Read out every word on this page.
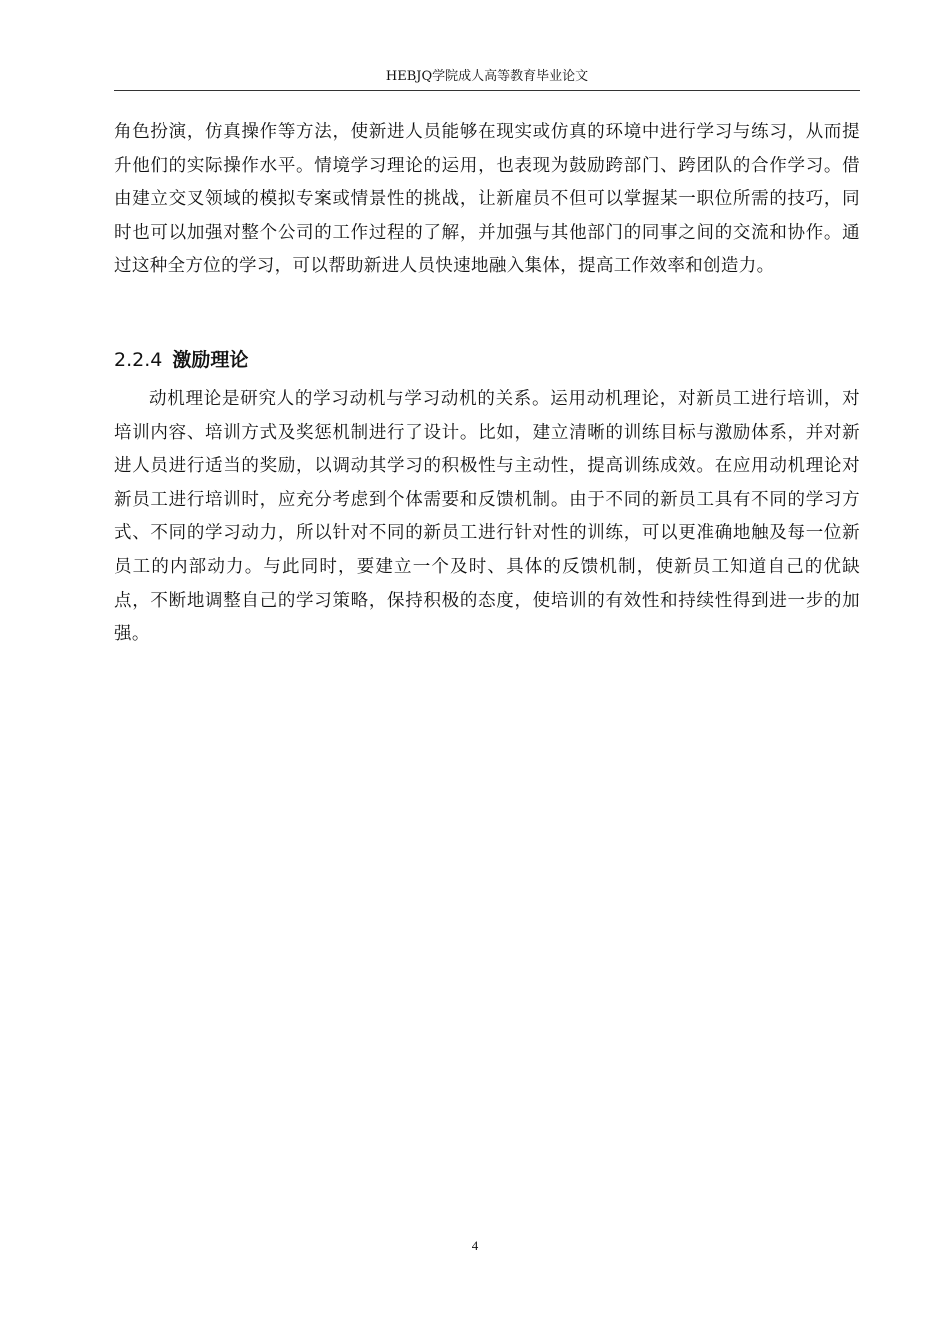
HEBJQ学院成人高等教育毕业论文

角色扮演，仿真操作等方法，使新进人员能够在现实或仿真的环境中进行学习与练习，从而提升他们的实际操作水平。情境学习理论的运用，也表现为鼓励跨部门、跨团队的合作学习。借由建立交叉领域的模拟专案或情景性的挑战，让新雇员不但可以掌握某一职位所需的技巧，同时也可以加强对整个公司的工作过程的了解，并加强与其他部门的同事之间的交流和协作。通过这种全方位的学习，可以帮助新进人员快速地融入集体，提高工作效率和创造力。

2.2.4 激励理论

动机理论是研究人的学习动机与学习动机的关系。运用动机理论，对新员工进行培训，对培训内容、培训方式及奖惩机制进行了设计。比如，建立清晰的训练目标与激励体系，并对新进人员进行适当的奖励，以调动其学习的积极性与主动性，提高训练成效。在应用动机理论对新员工进行培训时，应充分考虑到个体需要和反馈机制。由于不同的新员工具有不同的学习方式、不同的学习动力，所以针对不同的新员工进行针对性的训练，可以更准确地触及每一位新员工的内部动力。与此同时，要建立一个及时、具体的反馈机制，使新员工知道自己的优缺点，不断地调整自己的学习策略，保持积极的态度，使培训的有效性和持续性得到进一步的加强。

4
